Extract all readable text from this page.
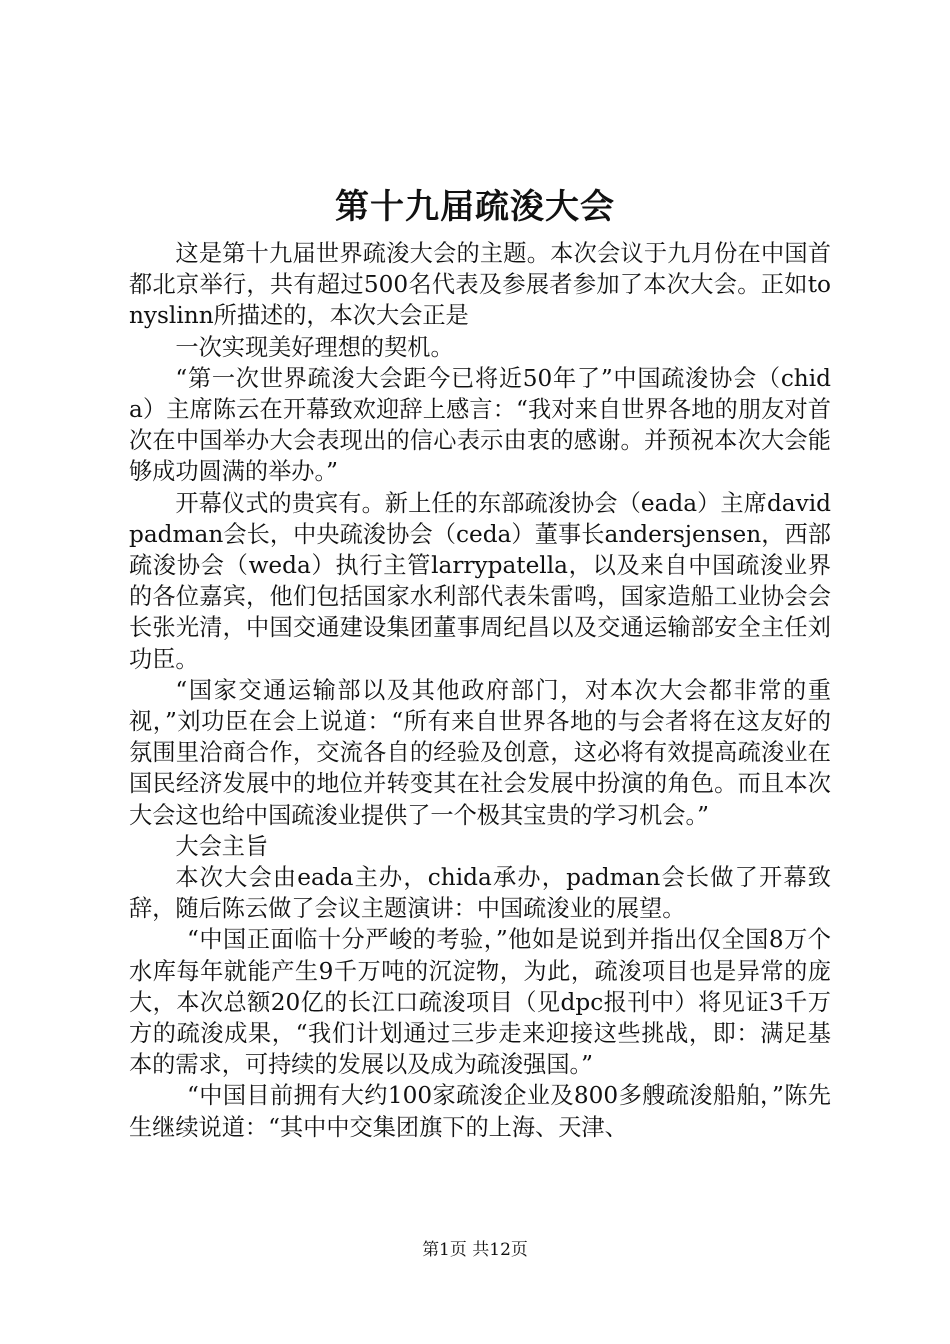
第十九届疏浚大会

这是第十九届世界疏浚大会的主题。本次会议于九月份在中国首都北京举行，共有超过500名代表及参展者参加了本次大会。正如tonyslinn所描述的，本次大会正是

一次实现美好理想的契机。

“第一次世界疏浚大会距今已将近50年了”中国疏浚协会（chida）主席陈云在开幕致欢迎辞上感言：“我对来自世界各地的朋友对首次在中国举办大会表现出的信心表示由衷的感谢。并预祝本次大会能够成功圆满的举办。”

开幕仪式的贵宾有。新上任的东部疏浚协会（eada）主席davidpadman会长，中央疏浚协会（ceda）董事长andersjensen，西部疏浚协会（weda）执行主管larrypatella，以及来自中国疏浚业界的各位嘉宾，他们包括国家水利部代表朱雷鸣，国家造船工业协会会长张光清，中国交通建设集团董事周纪昌以及交通运输部安全主任刘功臣。

“国家交通运输部以及其他政府部门，对本次大会都非常的重视，”刘功臣在会上说道：“所有来自世界各地的与会者将在这友好的氛围里洽商合作，交流各自的经验及创意，这必将有效提高疏浚业在国民经济发展中的地位并转变其在社会发展中扮演的角色。而且本次大会这也给中国疏浚业提供了一个极其宝贵的学习机会。”

大会主旨

本次大会由eada主办，chida承办，padman会长做了开幕致辞，随后陈云做了会议主题演讲：中国疏浚业的展望。

“中国正面临十分严峻的考验，”他如是说到并指出仅全国8万个水库每年就能产生9千万吨的沉淀物，为此，疏浚项目也是异常的庞大，本次总额20亿的长江口疏浚项目（见dpc报刊中）将见证3千万方的疏浚成果，“我们计划通过三步走来迎接这些挑战，即：满足基本的需求，可持续的发展以及成为疏浚强国。”

“中国目前拥有大约100家疏浚企业及800多艘疏浚船舶，”陈先生继续说道：“其中中交集团旗下的上海、天津、

第1页 共12页
